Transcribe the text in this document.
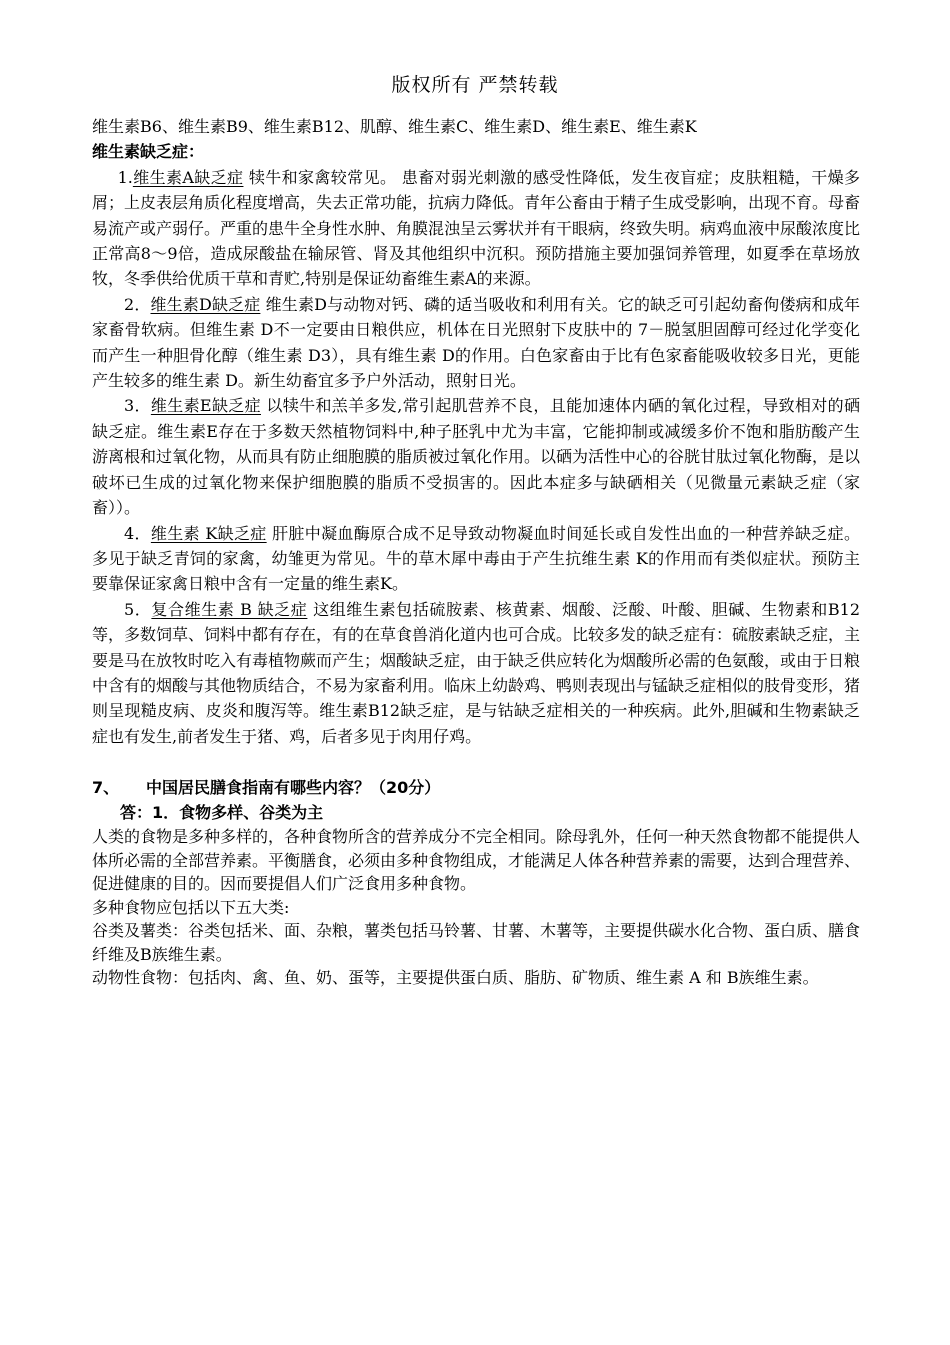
版权所有 严禁转载

维生素B6、维生素B9、维生素B12、肌醇、维生素C、维生素D、维生素E、维生素K

维生素缺乏症：

1.维生素A缺乏症 犊牛和家禽较常见。 患畜对弱光刺激的感受性降低，发生夜盲症；皮肤粗糙，干燥多屑；上皮表层角质化程度增高，失去正常功能，抗病力降低。青年公畜由于精子生成受影响，出现不育。母畜易流产或产弱仔。严重的患牛全身性水肿、角膜混浊呈云雾状并有干眼病，终致失明。病鸡血液中尿酸浓度比正常高8～9倍，造成尿酸盐在输尿管、肾及其他组织中沉积。预防措施主要加强饲养管理，如夏季在草场放牧，冬季供给优质干草和青贮,特别是保证幼畜维生素A的来源。

2．维生素D缺乏症 维生素D与动物对钙、磷的适当吸收和利用有关。它的缺乏可引起幼畜佝偻病和成年家畜骨软病。但维生素 D不一定要由日粮供应，机体在日光照射下皮肤中的 7－脱氢胆固醇可经过化学变化而产生一种胆骨化醇（维生素 D3），具有维生素 D的作用。白色家畜由于比有色家畜能吸收较多日光，更能产生较多的维生素 D。新生幼畜宜多予户外活动，照射日光。

3．维生素E缺乏症 以犊牛和羔羊多发,常引起肌营养不良，且能加速体内硒的氧化过程，导致相对的硒缺乏症。维生素E存在于多数天然植物饲料中,种子胚乳中尤为丰富，它能抑制或减缓多价不饱和脂肪酸产生游离根和过氧化物，从而具有防止细胞膜的脂质被过氧化作用。以硒为活性中心的谷胱甘肽过氧化物酶，是以破坏已生成的过氧化物来保护细胞膜的脂质不受损害的。因此本症多与缺硒相关（见微量元素缺乏症（家畜））。

4．维生素 K缺乏症 肝脏中凝血酶原合成不足导致动物凝血时间延长或自发性出血的一种营养缺乏症。多见于缺乏青饲的家禽，幼雏更为常见。牛的草木犀中毒由于产生抗维生素 K的作用而有类似症状。预防主要靠保证家禽日粮中含有一定量的维生素K。

5．复合维生素 B 缺乏症 这组维生素包括硫胺素、核黄素、烟酸、泛酸、叶酸、胆碱、生物素和B12等，多数饲草、饲料中都有存在，有的在草食兽消化道内也可合成。比较多发的缺乏症有：硫胺素缺乏症，主要是马在放牧时吃入有毒植物蕨而产生；烟酸缺乏症，由于缺乏供应转化为烟酸所必需的色氨酸，或由于日粮中含有的烟酸与其他物质结合，不易为家畜利用。临床上幼龄鸡、鸭则表现出与锰缺乏症相似的肢骨变形，猪则呈现糙皮病、皮炎和腹泻等。维生素B12缺乏症，是与钴缺乏症相关的一种疾病。此外,胆碱和生物素缺乏症也有发生,前者发生于猪、鸡，后者多见于肉用仔鸡。

7、 中国居民膳食指南有哪些内容？（20分）

答：1．食物多样、谷类为主

人类的食物是多种多样的，各种食物所含的营养成分不完全相同。除母乳外，任何一种天然食物都不能提供人体所必需的全部营养素。平衡膳食，必须由多种食物组成，才能满足人体各种营养素的需要，达到合理营养、促进健康的目的。因而要提倡人们广泛食用多种食物。

多种食物应包括以下五大类:

谷类及薯类：谷类包括米、面、杂粮，薯类包括马铃薯、甘薯、木薯等，主要提供碳水化合物、蛋白质、膳食纤维及B族维生素。

动物性食物：包括肉、禽、鱼、奶、蛋等，主要提供蛋白质、脂肪、矿物质、维生素 A 和 B族维生素。
